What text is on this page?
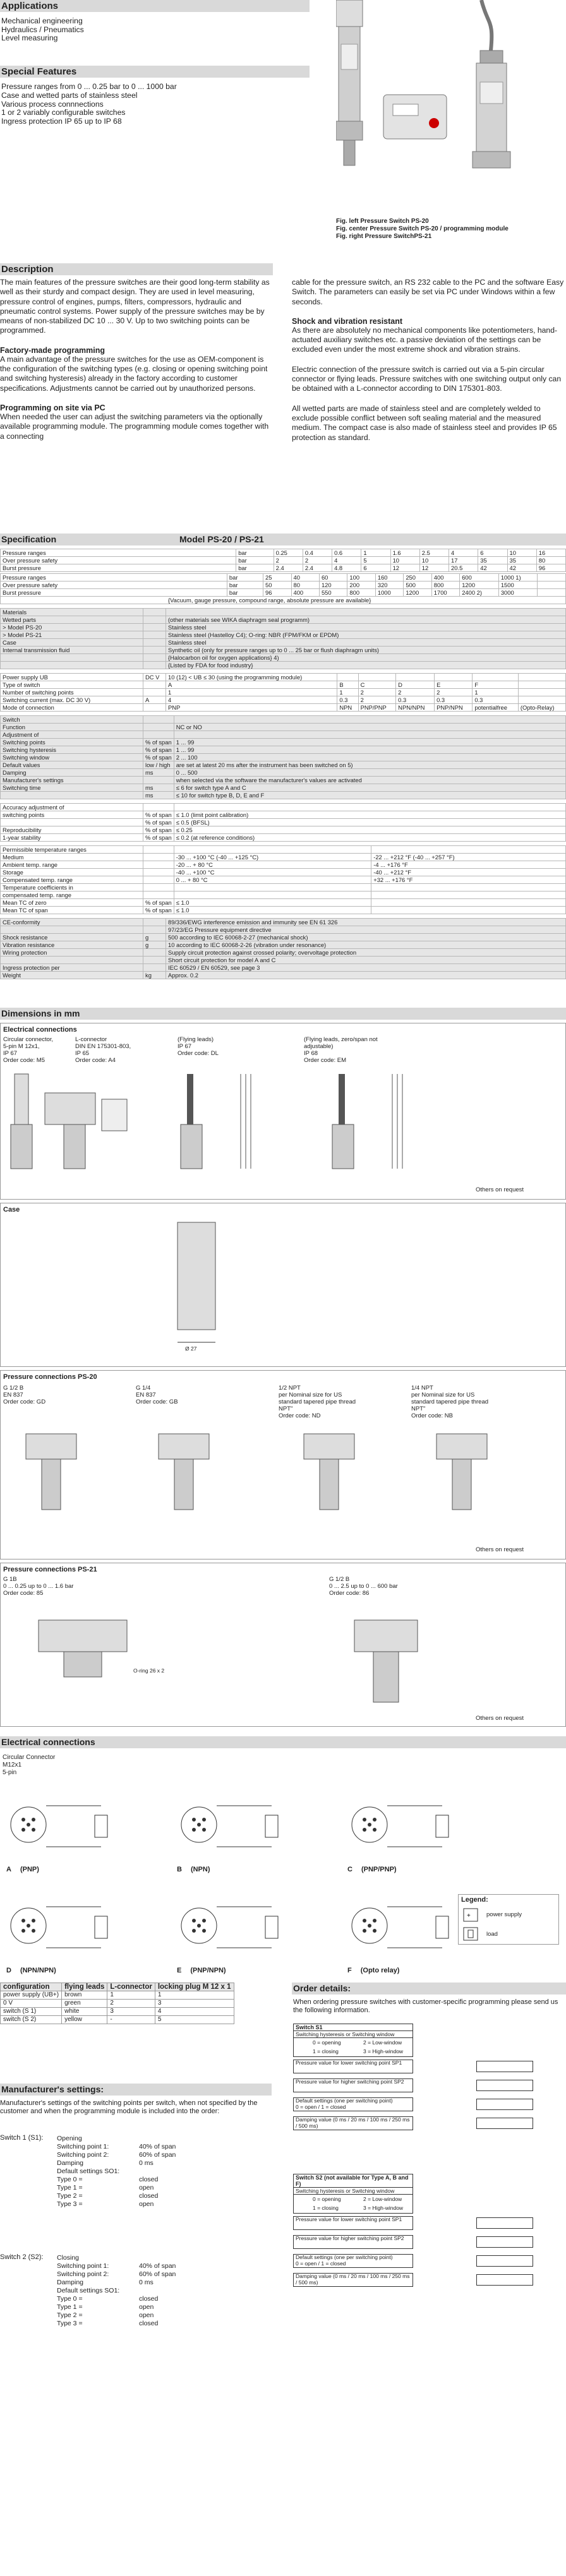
Applications
Mechanical engineering
Hydraulics / Pneumatics
Level measuring
Special Features
Pressure ranges from 0 ... 0.25 bar to 0 ... 1000 bar
Case and wetted parts of stainless steel
Various process connnections
1 or 2 variably configurable switches
Ingress protection IP 65 up to IP 68
Fig. left Pressure Switch PS-20
Fig. center Pressure Switch PS-20 / programming module
Fig. right Pressure SwitchPS-21
Description

The main features of the pressure switches are their good long-term stability as well as their sturdy and compact design. They are used in level measuring, pressure control of engines, pumps, filters, compressors, hydraulic and pneumatic control systems. Power supply of the pressure switches may be by means of non-stabilized DC 10 ... 30 V. Up to two switching points can be programmed.

Factory-made programming

A main advantage of the pressure switches for the use as OEM-component is the configuration of the switching types (e.g. closing or opening switching point and switching hysteresis) already in the factory according to customer specifications. Adjustments cannot be carried out by unauthorized persons.

Programming on site via PC

When needed the user can adjust the switching parameters via the optionally available programming module. The programming module comes together with a connecting

cable for the pressure switch, an RS 232 cable to the PC and the software Easy Switch. The parameters can easily be set via PC under Windows within a few seconds.

Shock and vibration resistant

As there are absolutely no mechanical components like potentiometers, hand-actuated auxiliary switches etc. a passive deviation of the settings can be excluded even under the most extreme shock and vibration strains.

Electric connection of the pressure switch is carried out via a 5-pin circular connector or flying leads. Pressure switches with one switching output only can be obtained with a L-connector according to DIN 175301-803.

All wetted parts are made of stainless steel and are completely welded to exclude possible conflict between soft sealing material and the measured medium. The compact case is also made of stainless steel and provides IP 65 protection as standard.

Specification	Model PS-20 / PS-21
Pressure ranges	bar	0.25	0.4	0.6	1	1.6	2.5	4	6	10	16
Over pressure safety	bar	2	2	4	5	10	10	17	35	35	80
Burst pressure	bar	2.4	2.4	4.8	6	12	12	20.5	42	42	96
Pressure ranges	bar	25	40	60	100	160	250	400	600	1000 1)	
Over pressure safety	bar	50	80	120	200	320	500	800	1200	1500	
Burst pressure	bar	96	400	550	800	1000	1200	1700	2400 2)	3000	
{Vacuum, gauge pressure, compound range, absolute pressure are available}
Materials		
Wetted parts		(other materials see WIKA diaphragm seal programm)
> Model PS-20		Stainless steel
> Model PS-21		Stainless steel (Hastelloy C4); O-ring: NBR (FPM/FKM or EPDM)
Case		Stainless steel
Internal transmission fluid		Synthetic oil (only for pressure ranges up to 0 ... 25 bar or flush diaphragm units)
		{Halocarbon oil for oxygen applications} 4)
		{Listed by FDA for food industry}
Power supply UB	DC V	10 (12) < UB ≤ 30 (using the programming module)						
Type of switch		A	B	C	D	E	F	
Number of switching points		1	1	2	2	2	1	
Switching current (max. DC 30 V)	A	4	0.3	2	0.3	0.3	0.3	
Mode of connection		PNP	NPN	PNP/PNP	NPN/NPN	PNP/NPN	potentialfree	(Opto-Relay)
Switch		
Function		NC or NO
Adjustment of		
Switching points	% of span	1 ... 99
Switching hysteresis	% of span	1 ... 99
Switching window	% of span	2 ... 100
Default values	low / high	are set at latest 20 ms after the instrument has been switched on 5)
Damping	ms	0 ... 500
Manufacturer's settings		when selected via the software the manufacturer's values are activated
Switching time	ms	≤ 6 for switch type A and C
	ms	≤ 10 for switch type B, D, E and F
Accuracy adjustment of		
switching points	% of span	≤ 1.0 (limit point calibration)
	% of span	≤ 0.5 (BFSL)
Reproducibility	% of span	≤ 0.25
1-year stability	% of span	≤ 0.2 (at reference conditions)
Permissible temperature ranges			
Medium		-30 ... +100 °C (-40 ... +125 °C)	-22 ... +212 °F (-40 ... +257 °F)
Ambient temp. range		-20 ... + 80 °C	-4 ... +176 °F
Storage		-40 ... +100 °C	-40 ... +212 °F
Compensated temp. range		0 ... + 80 °C	+32 ... +176 °F
Temperature coefficients in			
compensated temp. range			
Mean TC of zero	% of span	≤ 1.0	
Mean TC of span	% of span	≤ 1.0	
CE-conformity		89/336/EWG interference emission and immunity see EN 61 326
		97/23/EG Pressure equipment directive
Shock resistance	g	500 according to IEC 60068-2-27 (mechanical shock)
Vibration resistance	g	10 according to IEC 60068-2-26 (vibration under resonance)
Wiring protection		Supply circuit protection against crossed polarity; overvoltage protection
		Short circuit protection for model A and C
Ingress protection per		IEC 60529 / EN 60529, see page 3
Weight	kg	Approx. 0.2
Dimensions in mm
Electrical connections
Circular connector,
5-pin M 12x1,
IP 67
Order code: M5
L-connector
DIN EN 175301-803,
IP 65
Order code: A4
(Flying leads)
IP 67
Order code: DL
(Flying leads, zero/span not
adjustable)
IP 68
Order code: EM
Others on request
Case
Ø 27
Pressure connections PS-20
G 1/2 B
EN 837
Order code: GD
G 1/4
EN 837
Order code: GB
1/2 NPT
per Nominal size for US
standard tapered pipe thread
NPT"
Order code: ND
1/4 NPT
per Nominal size for US
standard tapered pipe thread
NPT"
Order code: NB
Others on request
Pressure connections PS-21
G 1B
0 ... 0.25 up to 0 ... 1.6 bar
Order code: 85
G 1/2 B
0 ... 2.5 up to 0 ... 600 bar
Order code: 86
O-ring 26 x 2
Others on request
Electrical connections
Circular Connector
M12x1
5-pin
A (PNP)	B (NPN)	C (PNP/PNP)
D (NPN/NPN)	E (PNP/NPN)	F (Opto relay)
Legend:
+	power supply
load
configuration	flying leads	L-connector	locking plug M 12 x 1
power supply (UB+)	brown	1	1
0 V	green	2	3
switch (S 1)	white	3	4
switch (S 2)	yellow	-	5
Manufacturer's settings:

Manufacturer's settings of the switching points per switch, when not specified by the customer and when the programming module is included into the order:

Switch 1 (S1): Opening
Switching point 1:	40% of span
Switching point 2:	60% of span
Damping	0 ms
Default settings SO1:
Type 0 =	closed
Type 1 =	open
Type 2 =	closed
Type 3 =	open
Switch 2 (S2): Closing
Switching point 1:	40% of span
Switching point 2:	60% of span
Damping	0 ms
Default settings SO1:
Type 0 =	closed
Type 1 =	open
Type 2 =	open
Type 3 =	closed
Order details:
When ordering pressure switches with customer-specific programming please send us the following information.
Switch S1
Switching hysteresis or Switching window
0 = opening
1 = closing
2 = Low-window
3 = High-window
Pressure value for lower switching point SP1
Pressure value for higher switching point SP2
Default settings (one per switching point)
0 = open / 1 = closed
Damping value (0 ms / 20 ms / 100 ms / 250 ms / 500 ms)
Switch S2 (not available for Type A, B and F)
Switching hysteresis or Switching window
0 = opening
1 = closing
2 = Low-window
3 = High-window
Pressure value for lower switching point SP1
Pressure value for higher switching point SP2
Default settings (one per switching point)
0 = open / 1 = closed
Damping value (0 ms / 20 ms / 100 ms / 250 ms / 500 ms)
